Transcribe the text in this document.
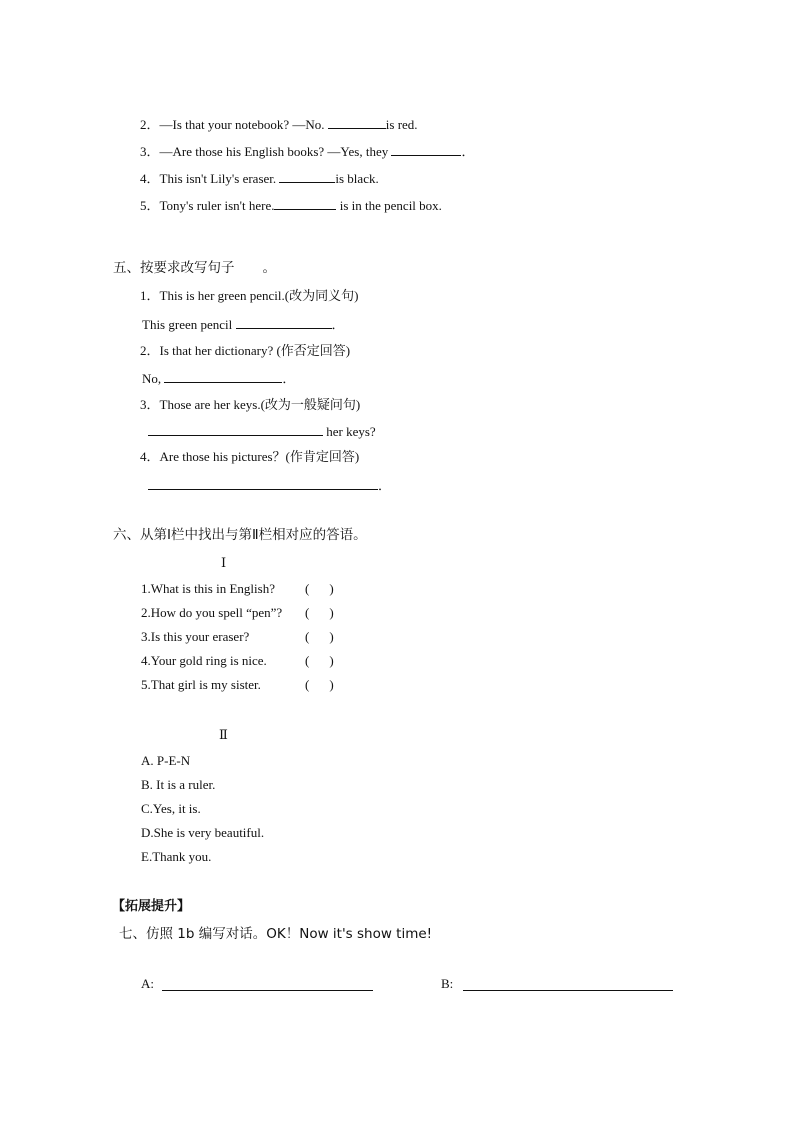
2．—Is that your notebook? —No.	is red.
3．—Are those his English books? —Yes, they	．
4．This isn't Lily's eraser.	is black.
5．Tony's ruler isn't here.	is in the pencil box.
五、按要求改写句子 。
1．This is her green pencil.(改为同义句)
This green pencil	．
2．Is that her dictionary? (作否定回答)
No,	．
3．Those are her keys.(改为一般疑问句)
her keys?
4．Are those his pictures？(作肯定回答)
．
六、从第Ⅰ栏中找出与第Ⅱ栏相对应的答语。
Ⅰ
1.What is this in English? ( )
2.How do you spell “pen”? ( )
3.Is this your eraser?	( )
4.Your gold ring is nice.	( )
5.That girl is my sister.	( )
Ⅱ
A. P-E-N
B. It is a ruler.
C.Yes, it is.
D.She is very beautiful.
E.Thank you.
【拓展提升】
七、仿照 1b 编写对话。OK！Now it's show time!
A:	B:
